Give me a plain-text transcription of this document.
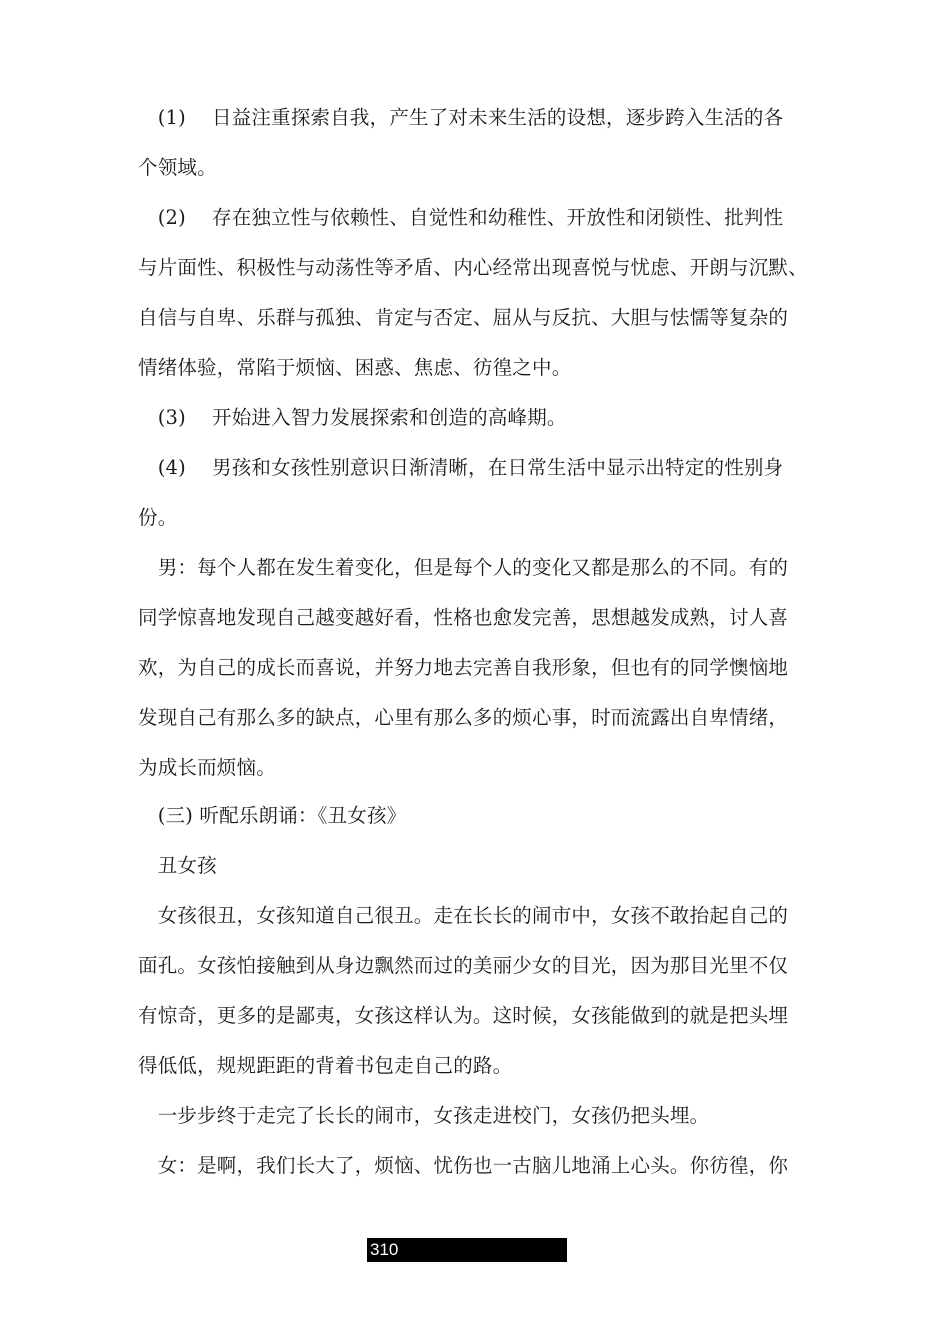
　(1)　 日益注重探索自我，产生了对未来生活的设想，逐步跨入生活的各
个领域。
　(2)　 存在独立性与依赖性、自觉性和幼稚性、开放性和闭锁性、批判性
与片面性、积极性与动荡性等矛盾、内心经常出现喜悦与忧虑、开朗与沉默、
自信与自卑、乐群与孤独、肯定与否定、屈从与反抗、大胆与怯懦等复杂的
情绪体验，常陷于烦恼、困惑、焦虑、彷徨之中。
　(3)　 开始进入智力发展探索和创造的高峰期。
　(4)　 男孩和女孩性别意识日渐清晰，在日常生活中显示出特定的性别身
份。
　男：每个人都在发生着变化，但是每个人的变化又都是那么的不同。有的
同学惊喜地发现自己越变越好看，性格也愈发完善，思想越发成熟，讨人喜
欢，为自己的成长而喜说，并努力地去完善自我形象，但也有的同学懊恼地
发现自己有那么多的缺点，心里有那么多的烦心事，时而流露出自卑情绪，
为成长而烦恼。
　(三) 听配乐朗诵：《丑女孩》
　丑女孩
　女孩很丑，女孩知道自己很丑。走在长长的闹市中，女孩不敢抬起自己的
面孔。女孩怕接触到从身边飘然而过的美丽少女的目光，因为那目光里不仅
有惊奇，更多的是鄙夷，女孩这样认为。这时候，女孩能做到的就是把头埋
得低低，规规距距的背着书包走自己的路。
　一步步终于走完了长长的闹市，女孩走进校门，女孩仍把头埋。
　女：是啊，我们长大了，烦恼、忧伤也一古脑儿地涌上心头。你彷徨，你
310
